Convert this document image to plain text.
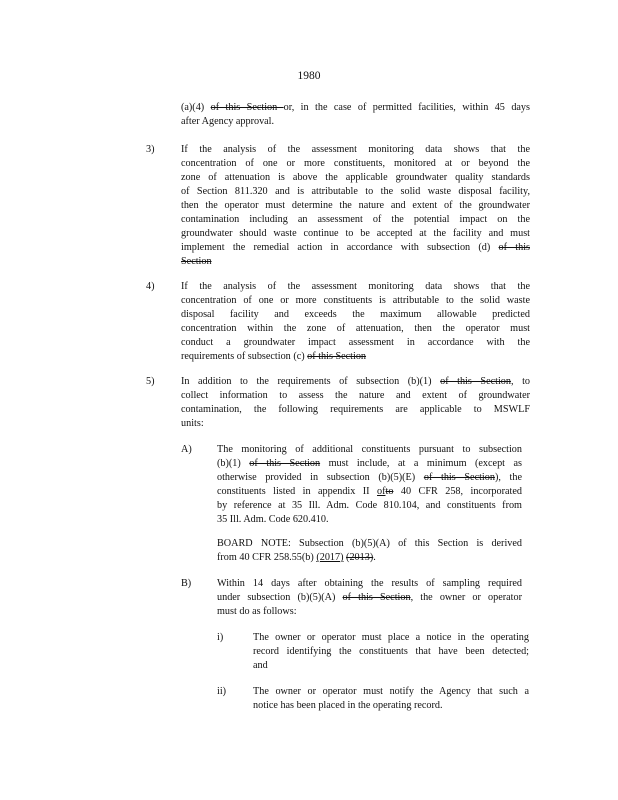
1980
(a)(4) of this Section or, in the case of permitted facilities, within 45 days
after Agency approval.
3)	If the analysis of the assessment monitoring data shows that the
concentration of one or more constituents, monitored at or beyond the
zone of attenuation is above the applicable groundwater quality standards
of Section 811.320 and is attributable to the solid waste disposal facility,
then the operator must determine the nature and extent of the groundwater
contamination including an assessment of the potential impact on the
groundwater should waste continue to be accepted at the facility and must
implement the remedial action in accordance with subsection (d) of this
Section
4)	If the analysis of the assessment monitoring data shows that the
concentration of one or more constituents is attributable to the solid waste
disposal facility and exceeds the maximum allowable predicted
concentration within the zone of attenuation, then the operator must
conduct a groundwater impact assessment in accordance with the
requirements of subsection (c) of this Section
5)	In addition to the requirements of subsection (b)(1) of this Section, to
collect information to assess the nature and extent of groundwater
contamination, the following requirements are applicable to MSWLF
units:
A) The monitoring of additional constituents pursuant to subsection
(b)(1) of this Section must include, at a minimum (except as
otherwise provided in subsection (b)(5)(E) of this Section), the
constituents listed in appendix II ofto 40 CFR 258, incorporated
by reference at 35 Ill. Adm. Code 810.104, and constituents from
35 Ill. Adm. Code 620.410.
BOARD NOTE: Subsection (b)(5)(A) of this Section is derived
from 40 CFR 258.55(b) (2017) (2013).
B)	Within 14 days after obtaining the results of sampling required
under subsection (b)(5)(A) of this Section, the owner or operator
must do as follows:
i)	The owner or operator must place a notice in the operating
record identifying the constituents that have been detected;
and
ii)	The owner or operator must notify the Agency that such a
notice has been placed in the operating record.
